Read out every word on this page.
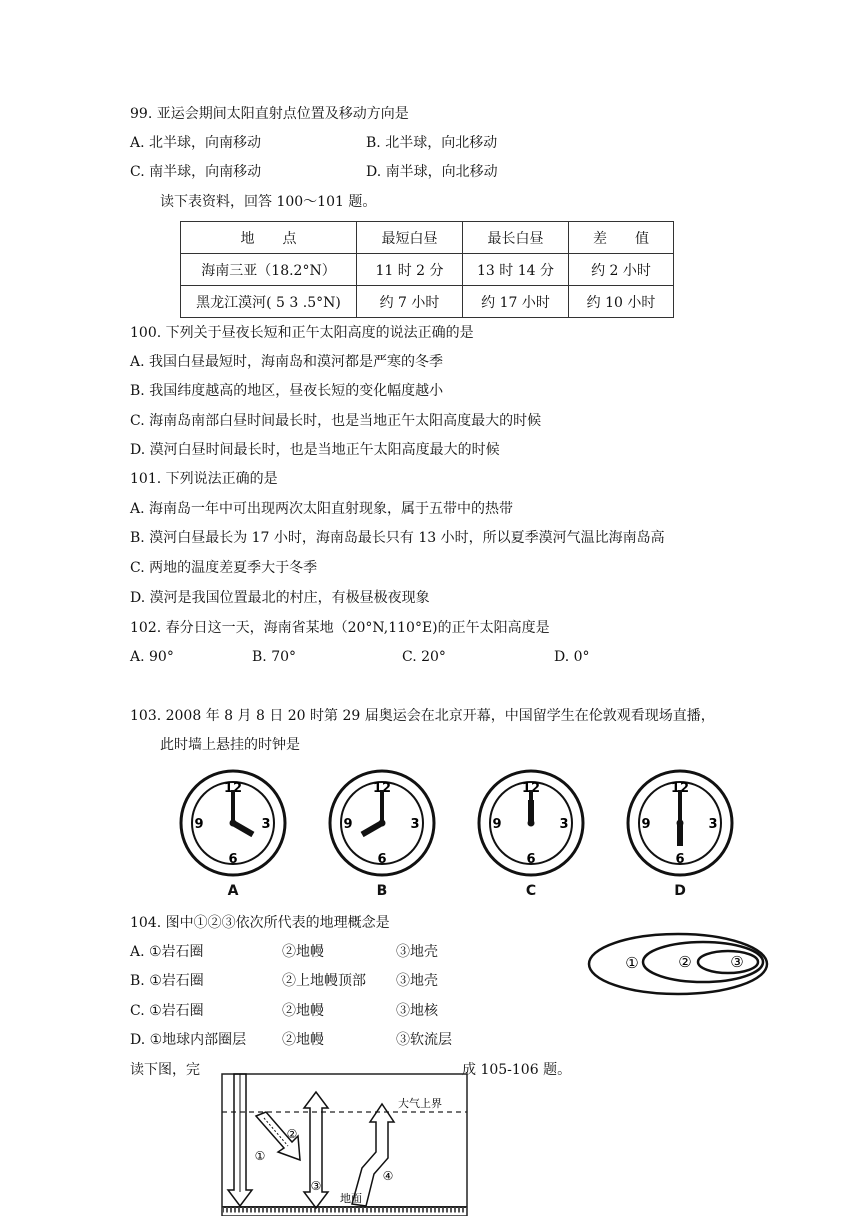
99. 亚运会期间太阳直射点位置及移动方向是
A. 北半球，向南移动	B. 北半球，向北移动
C. 南半球，向南移动	D. 南半球，向北移动
读下表资料，回答 100～101 题。
地　　点	最短白昼	最长白昼	差　　值
海南三亚（18.2°N）	11 时 2 分	13 时 14 分	约 2 小时
黑龙江漠河( 5 3 .5°N)	约 7 小时	约 17 小时	约 10 小时
100. 下列关于昼夜长短和正午太阳高度的说法正确的是
A. 我国白昼最短时，海南岛和漠河都是严寒的冬季
B. 我国纬度越高的地区，昼夜长短的变化幅度越小
C. 海南岛南部白昼时间最长时，也是当地正午太阳高度最大的时候
D. 漠河白昼时间最长时，也是当地正午太阳高度最大的时候
101. 下列说法正确的是
A. 海南岛一年中可出现两次太阳直射现象，属于五带中的热带
B. 漠河白昼最长为 17 小时，海南岛最长只有 13 小时，所以夏季漠河气温比海南岛高
C. 两地的温度差夏季大于冬季
D. 漠河是我国位置最北的村庄，有极昼极夜现象
102. 春分日这一天，海南省某地（20°N,110°E)的正午太阳高度是
A. 90°	B. 70°	C. 20°	D. 0°
103. 2008 年 8 月 8 日 20 时第 29 届奥运会在北京开幕，中国留学生在伦敦观看现场直播，
此时墙上悬挂的时钟是
12
3
6
9
12
3
6
9
12
3
6
9
12
3
6
9
A	B	C	D
104. 图中①②③依次所代表的地理概念是
A. ①岩石圈	②地幔	③地壳
B. ①岩石圈	②上地幔顶部 ③地壳
C. ①岩石圈	②地幔	③地核
D. ①地球内部圈层	②地幔	③软流层
①	②	③
读下图，完	成 105-106 题。
大气上界
地面
①
②
③
④
